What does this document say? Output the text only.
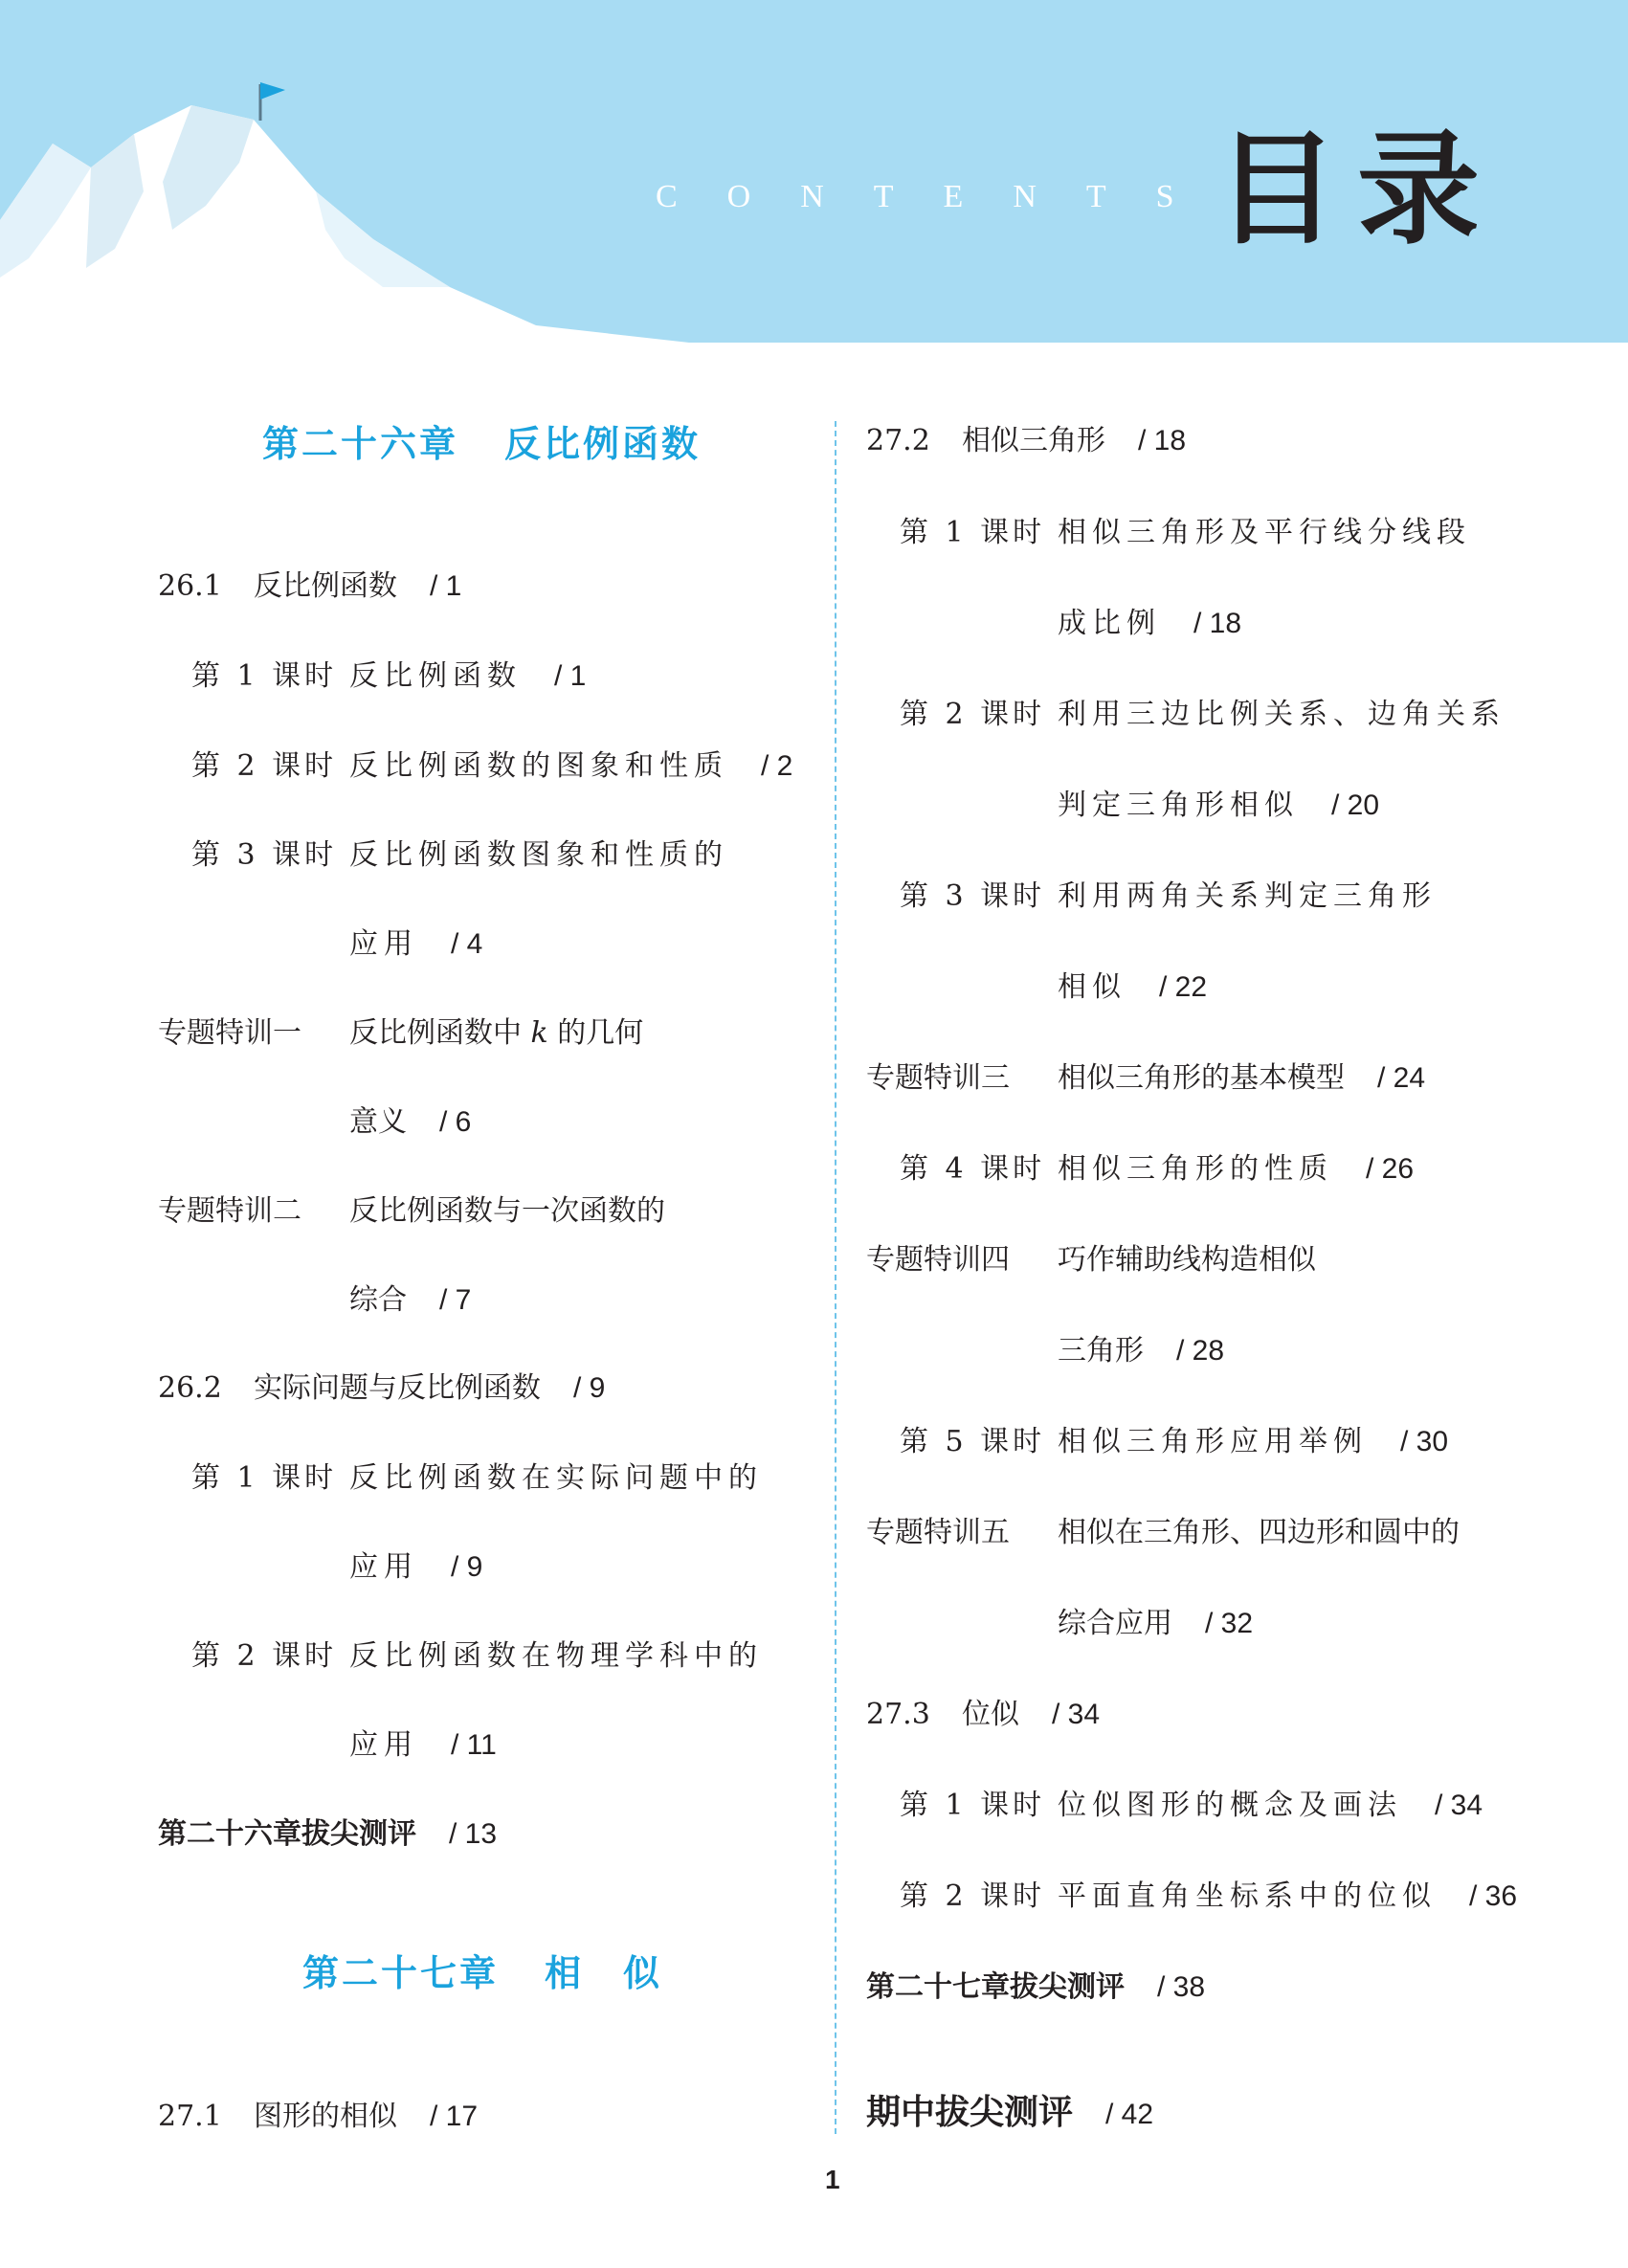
CONTENTS
目录
第二十六章 反比例函数
26.1 反比例函数 / 1
第 1 课时 反比例函数 / 1
第 2 课时 反比例函数的图象和性质 / 2
第 3 课时 反比例函数图象和性质的
应用 / 4
专题特训一 反比例函数中 k 的几何
意义 / 6
专题特训二 反比例函数与一次函数的
综合 / 7
26.2 实际问题与反比例函数 / 9
第 1 课时 反比例函数在实际问题中的
应用 / 9
第 2 课时 反比例函数在物理学科中的
应用 / 11
第二十六章拔尖测评 / 13
第二十七章 相　似
27.1 图形的相似 / 17
27.2 相似三角形 / 18
第 1 课时 相似三角形及平行线分线段
成比例 / 18
第 2 课时 利用三边比例关系、边角关系
判定三角形相似 / 20
第 3 课时 利用两角关系判定三角形
相似 / 22
专题特训三 相似三角形的基本模型 / 24
第 4 课时 相似三角形的性质 / 26
专题特训四 巧作辅助线构造相似
三角形 / 28
第 5 课时 相似三角形应用举例 / 30
专题特训五 相似在三角形、四边形和圆中的
综合应用 / 32
27.3 位似 / 34
第 1 课时 位似图形的概念及画法 / 34
第 2 课时 平面直角坐标系中的位似 / 36
第二十七章拔尖测评 / 38
期中拔尖测评 / 42
1
